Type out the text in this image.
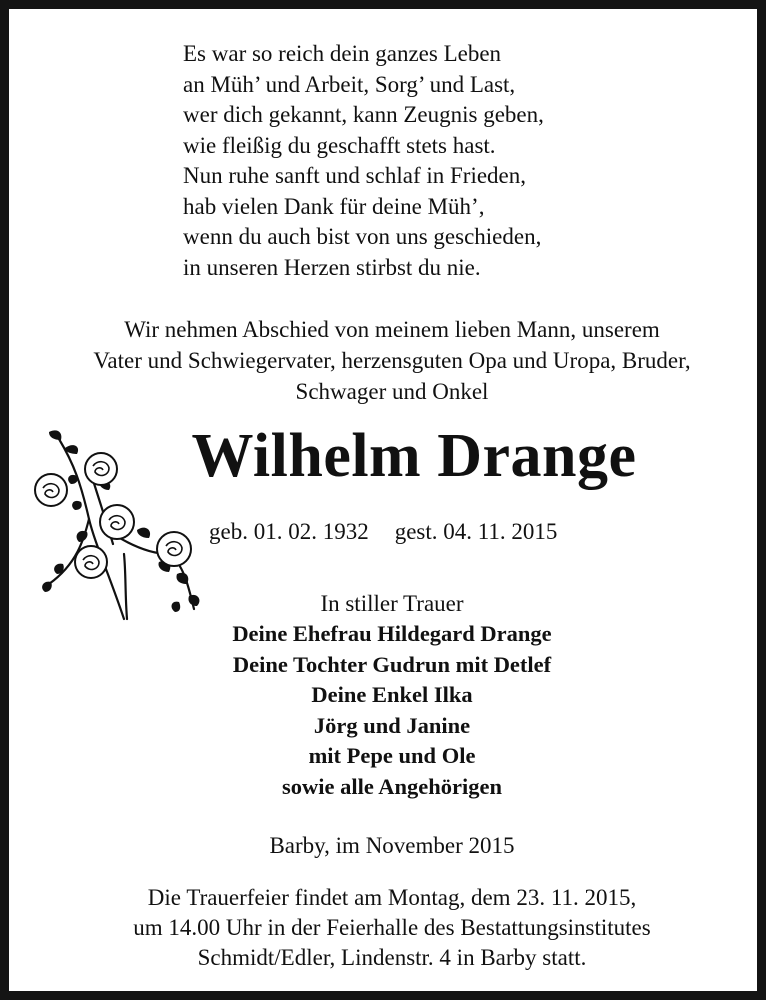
Es war so reich dein ganzes Leben
an Müh’ und Arbeit, Sorg’ und Last,
wer dich gekannt, kann Zeugnis geben,
wie fleißig du geschafft stets hast.
Nun ruhe sanft und schlaf in Frieden,
hab vielen Dank für deine Müh’,
wenn du auch bist von uns geschieden,
in unseren Herzen stirbst du nie.
Wir nehmen Abschied von meinem lieben Mann, unserem
Vater und Schwiegervater, herzensguten Opa und Uropa, Bruder,
Schwager und Onkel
Wilhelm Drange
geb. 01. 02. 1932 gest. 04. 11. 2015
In stiller Trauer
Deine Ehefrau Hildegard Drange
Deine Tochter Gudrun mit Detlef
Deine Enkel Ilka
Jörg und Janine
mit Pepe und Ole
sowie alle Angehörigen
Barby, im November 2015
Die Trauerfeier findet am Montag, dem 23. 11. 2015,
um 14.00 Uhr in der Feierhalle des Bestattungsinstitutes
Schmidt/Edler, Lindenstr. 4 in Barby statt.
